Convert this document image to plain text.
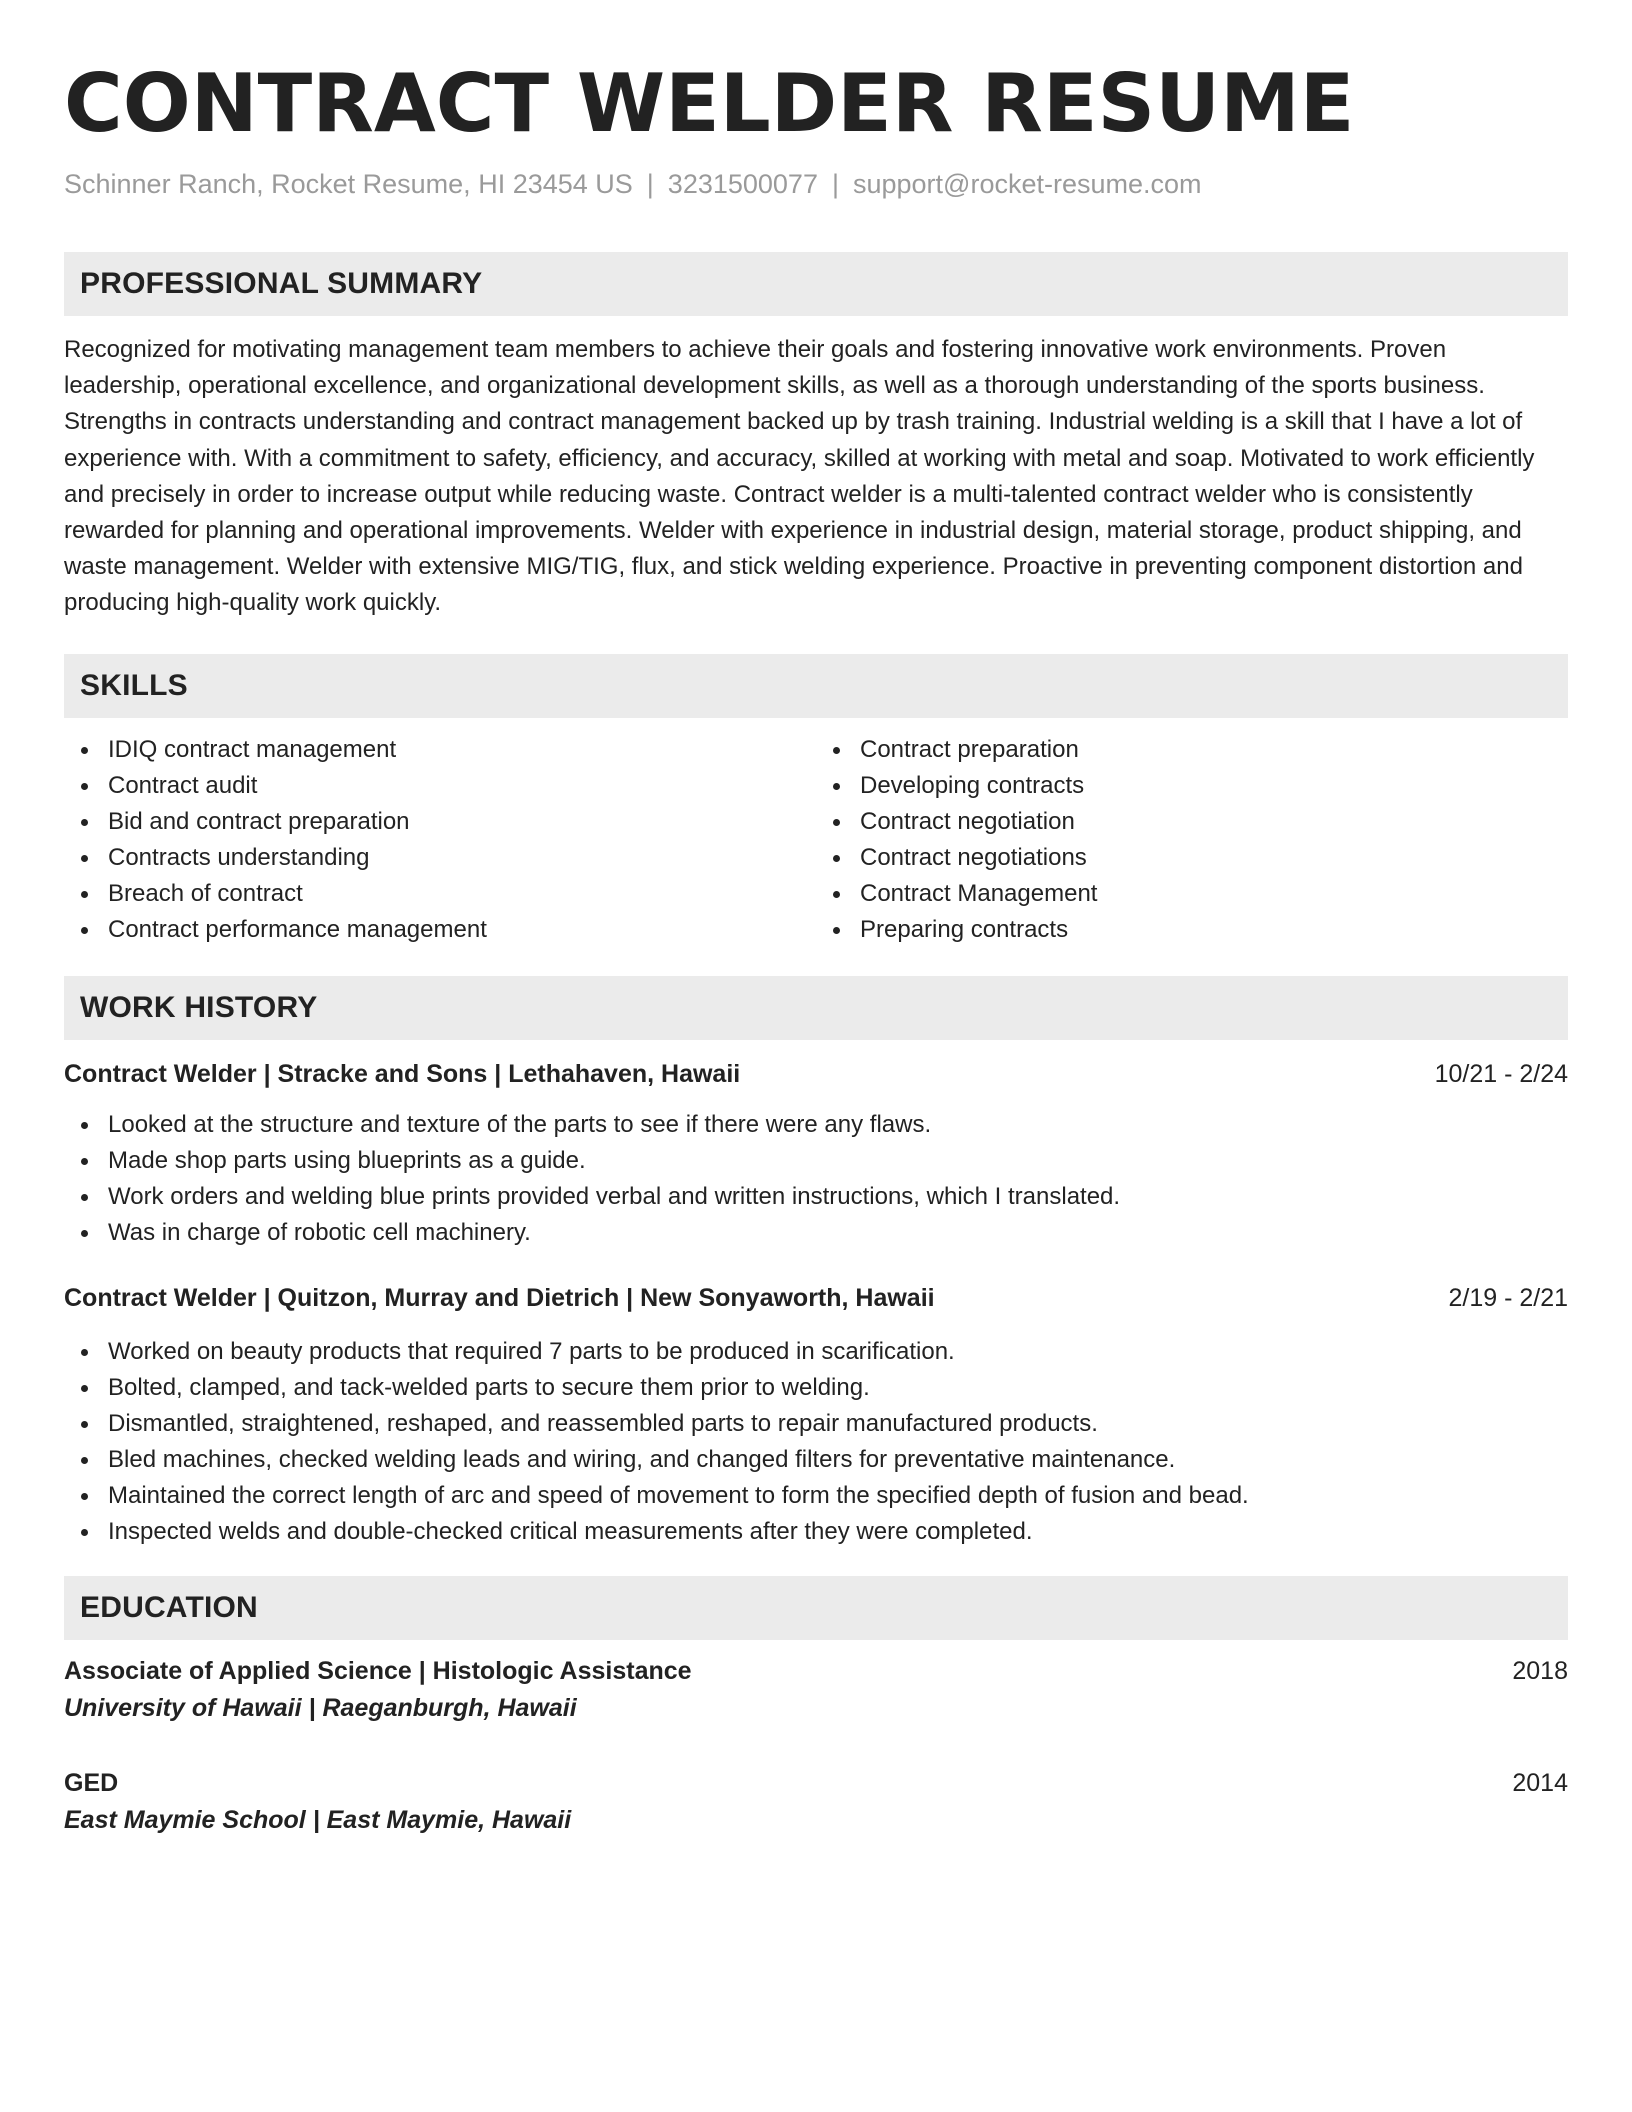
CONTRACT WELDER RESUME
Schinner Ranch, Rocket Resume, HI 23454 US | 3231500077 | support@rocket-resume.com
PROFESSIONAL SUMMARY
Recognized for motivating management team members to achieve their goals and fostering innovative work environments. Proven leadership, operational excellence, and organizational development skills, as well as a thorough understanding of the sports business. Strengths in contracts understanding and contract management backed up by trash training. Industrial welding is a skill that I have a lot of experience with. With a commitment to safety, efficiency, and accuracy, skilled at working with metal and soap. Motivated to work efficiently and precisely in order to increase output while reducing waste. Contract welder is a multi-talented contract welder who is consistently rewarded for planning and operational improvements. Welder with experience in industrial design, material storage, product shipping, and waste management. Welder with extensive MIG/TIG, flux, and stick welding experience. Proactive in preventing component distortion and producing high-quality work quickly.
SKILLS
IDIQ contract management
Contract audit
Bid and contract preparation
Contracts understanding
Breach of contract
Contract performance management
Contract preparation
Developing contracts
Contract negotiation
Contract negotiations
Contract Management
Preparing contracts
WORK HISTORY
Contract Welder | Stracke and Sons | Lethahaven, Hawaii	10/21 - 2/24
Looked at the structure and texture of the parts to see if there were any flaws.
Made shop parts using blueprints as a guide.
Work orders and welding blue prints provided verbal and written instructions, which I translated.
Was in charge of robotic cell machinery.
Contract Welder | Quitzon, Murray and Dietrich | New Sonyaworth, Hawaii	2/19 - 2/21
Worked on beauty products that required 7 parts to be produced in scarification.
Bolted, clamped, and tack-welded parts to secure them prior to welding.
Dismantled, straightened, reshaped, and reassembled parts to repair manufactured products.
Bled machines, checked welding leads and wiring, and changed filters for preventative maintenance.
Maintained the correct length of arc and speed of movement to form the specified depth of fusion and bead.
Inspected welds and double-checked critical measurements after they were completed.
EDUCATION
Associate of Applied Science | Histologic Assistance	2018
University of Hawaii | Raeganburgh, Hawaii
GED	2014
East Maymie School | East Maymie, Hawaii
